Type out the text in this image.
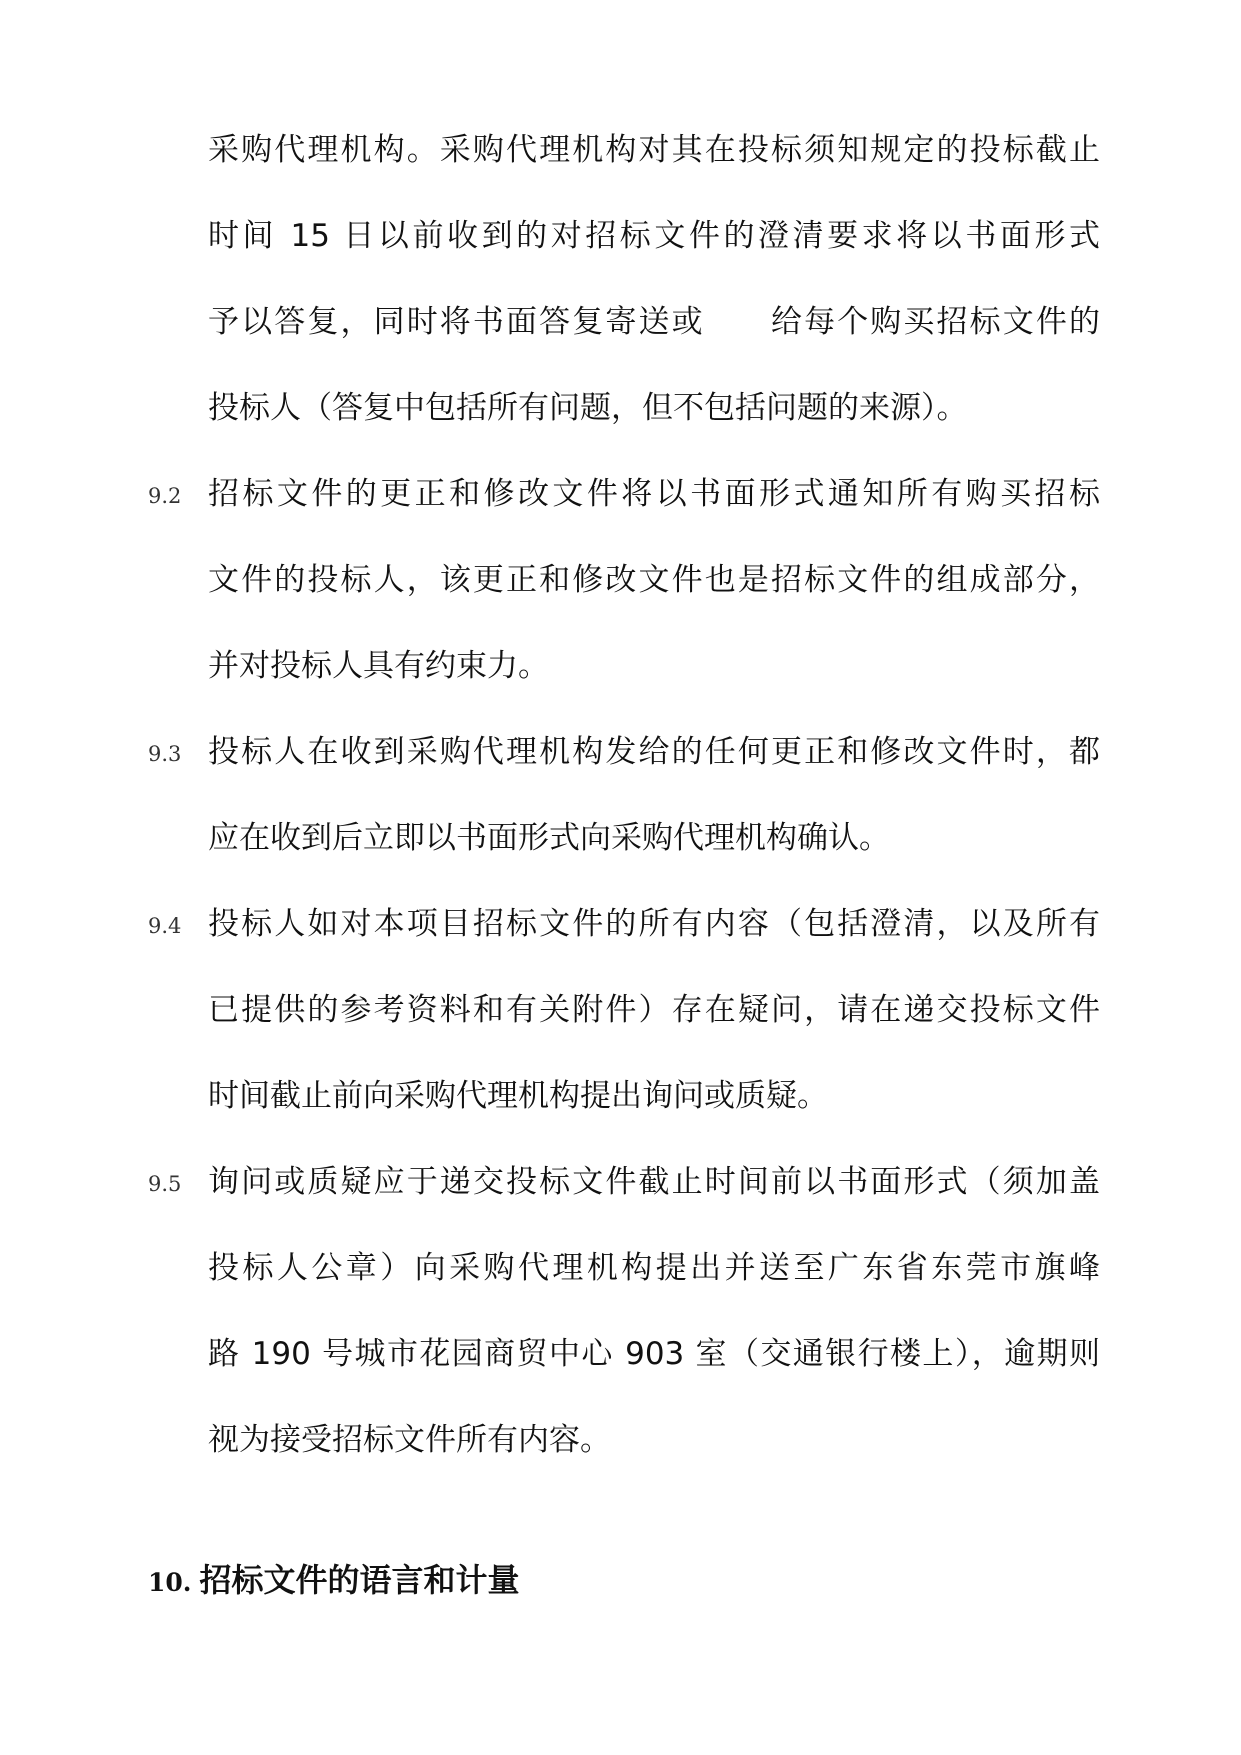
采购代理机构。采购代理机构对其在投标须知规定的投标截止
时间 15 日以前收到的对招标文件的澄清要求将以书面形式
予以答复，同时将书面答复寄送或　　给每个购买招标文件的
投标人（答复中包括所有问题，但不包括问题的来源）。
9.2 招标文件的更正和修改文件将以书面形式通知所有购买招标
文件的投标人，该更正和修改文件也是招标文件的组成部分，
并对投标人具有约束力。
9.3 投标人在收到采购代理机构发给的任何更正和修改文件时，都
应在收到后立即以书面形式向采购代理机构确认。
9.4 投标人如对本项目招标文件的所有内容（包括澄清，以及所有
已提供的参考资料和有关附件）存在疑问，请在递交投标文件
时间截止前向采购代理机构提出询问或质疑。
9.5 询问或质疑应于递交投标文件截止时间前以书面形式（须加盖
投标人公章）向采购代理机构提出并送至广东省东莞市旗峰
路 190 号城市花园商贸中心 903 室（交通银行楼上），逾期则
视为接受招标文件所有内容。
10. 招标文件的语言和计量
